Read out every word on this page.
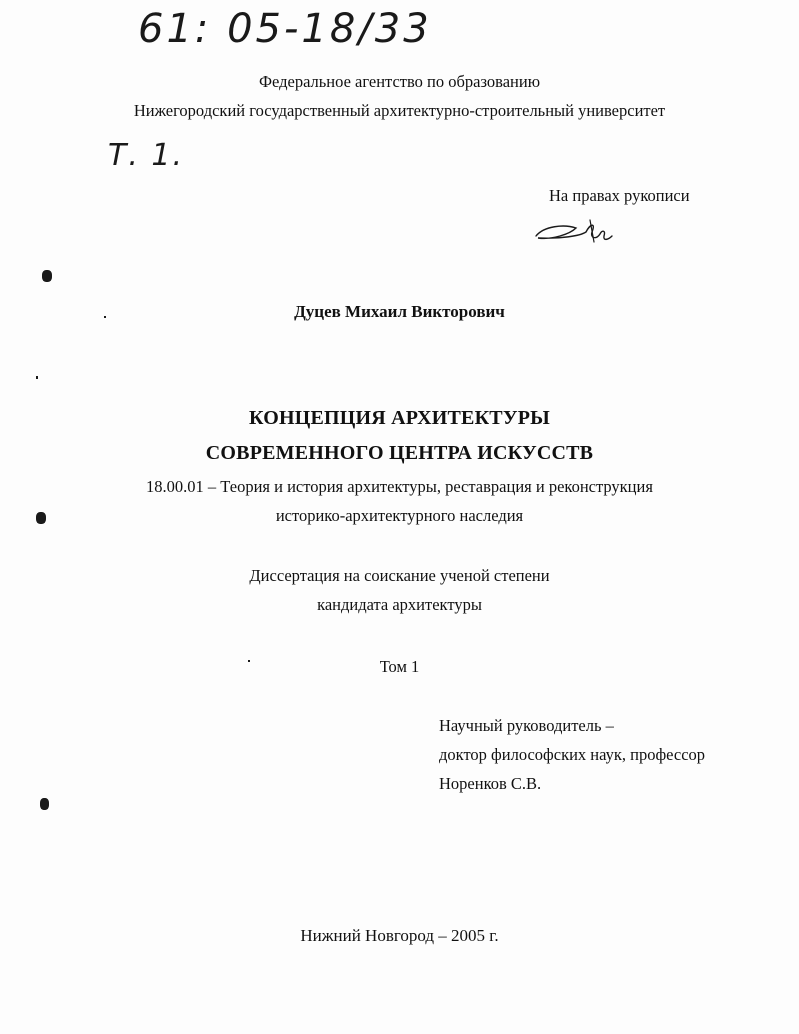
61: 05-18/33
Федеральное агентство по образованию
Нижегородский государственный архитектурно-строительный университет
Т. 1.
На правах рукописи
Дуцев Михаил Викторович
КОНЦЕПЦИЯ АРХИТЕКТУРЫ
СОВРЕМЕННОГО ЦЕНТРА ИСКУССТВ
18.00.01 – Теория и история архитектуры, реставрация и реконструкция
историко-архитектурного наследия
Диссертация на соискание ученой степени
кандидата архитектуры
Том 1
Научный руководитель –
доктор философских наук, профессор
Норенков С.В.
Нижний Новгород – 2005 г.
